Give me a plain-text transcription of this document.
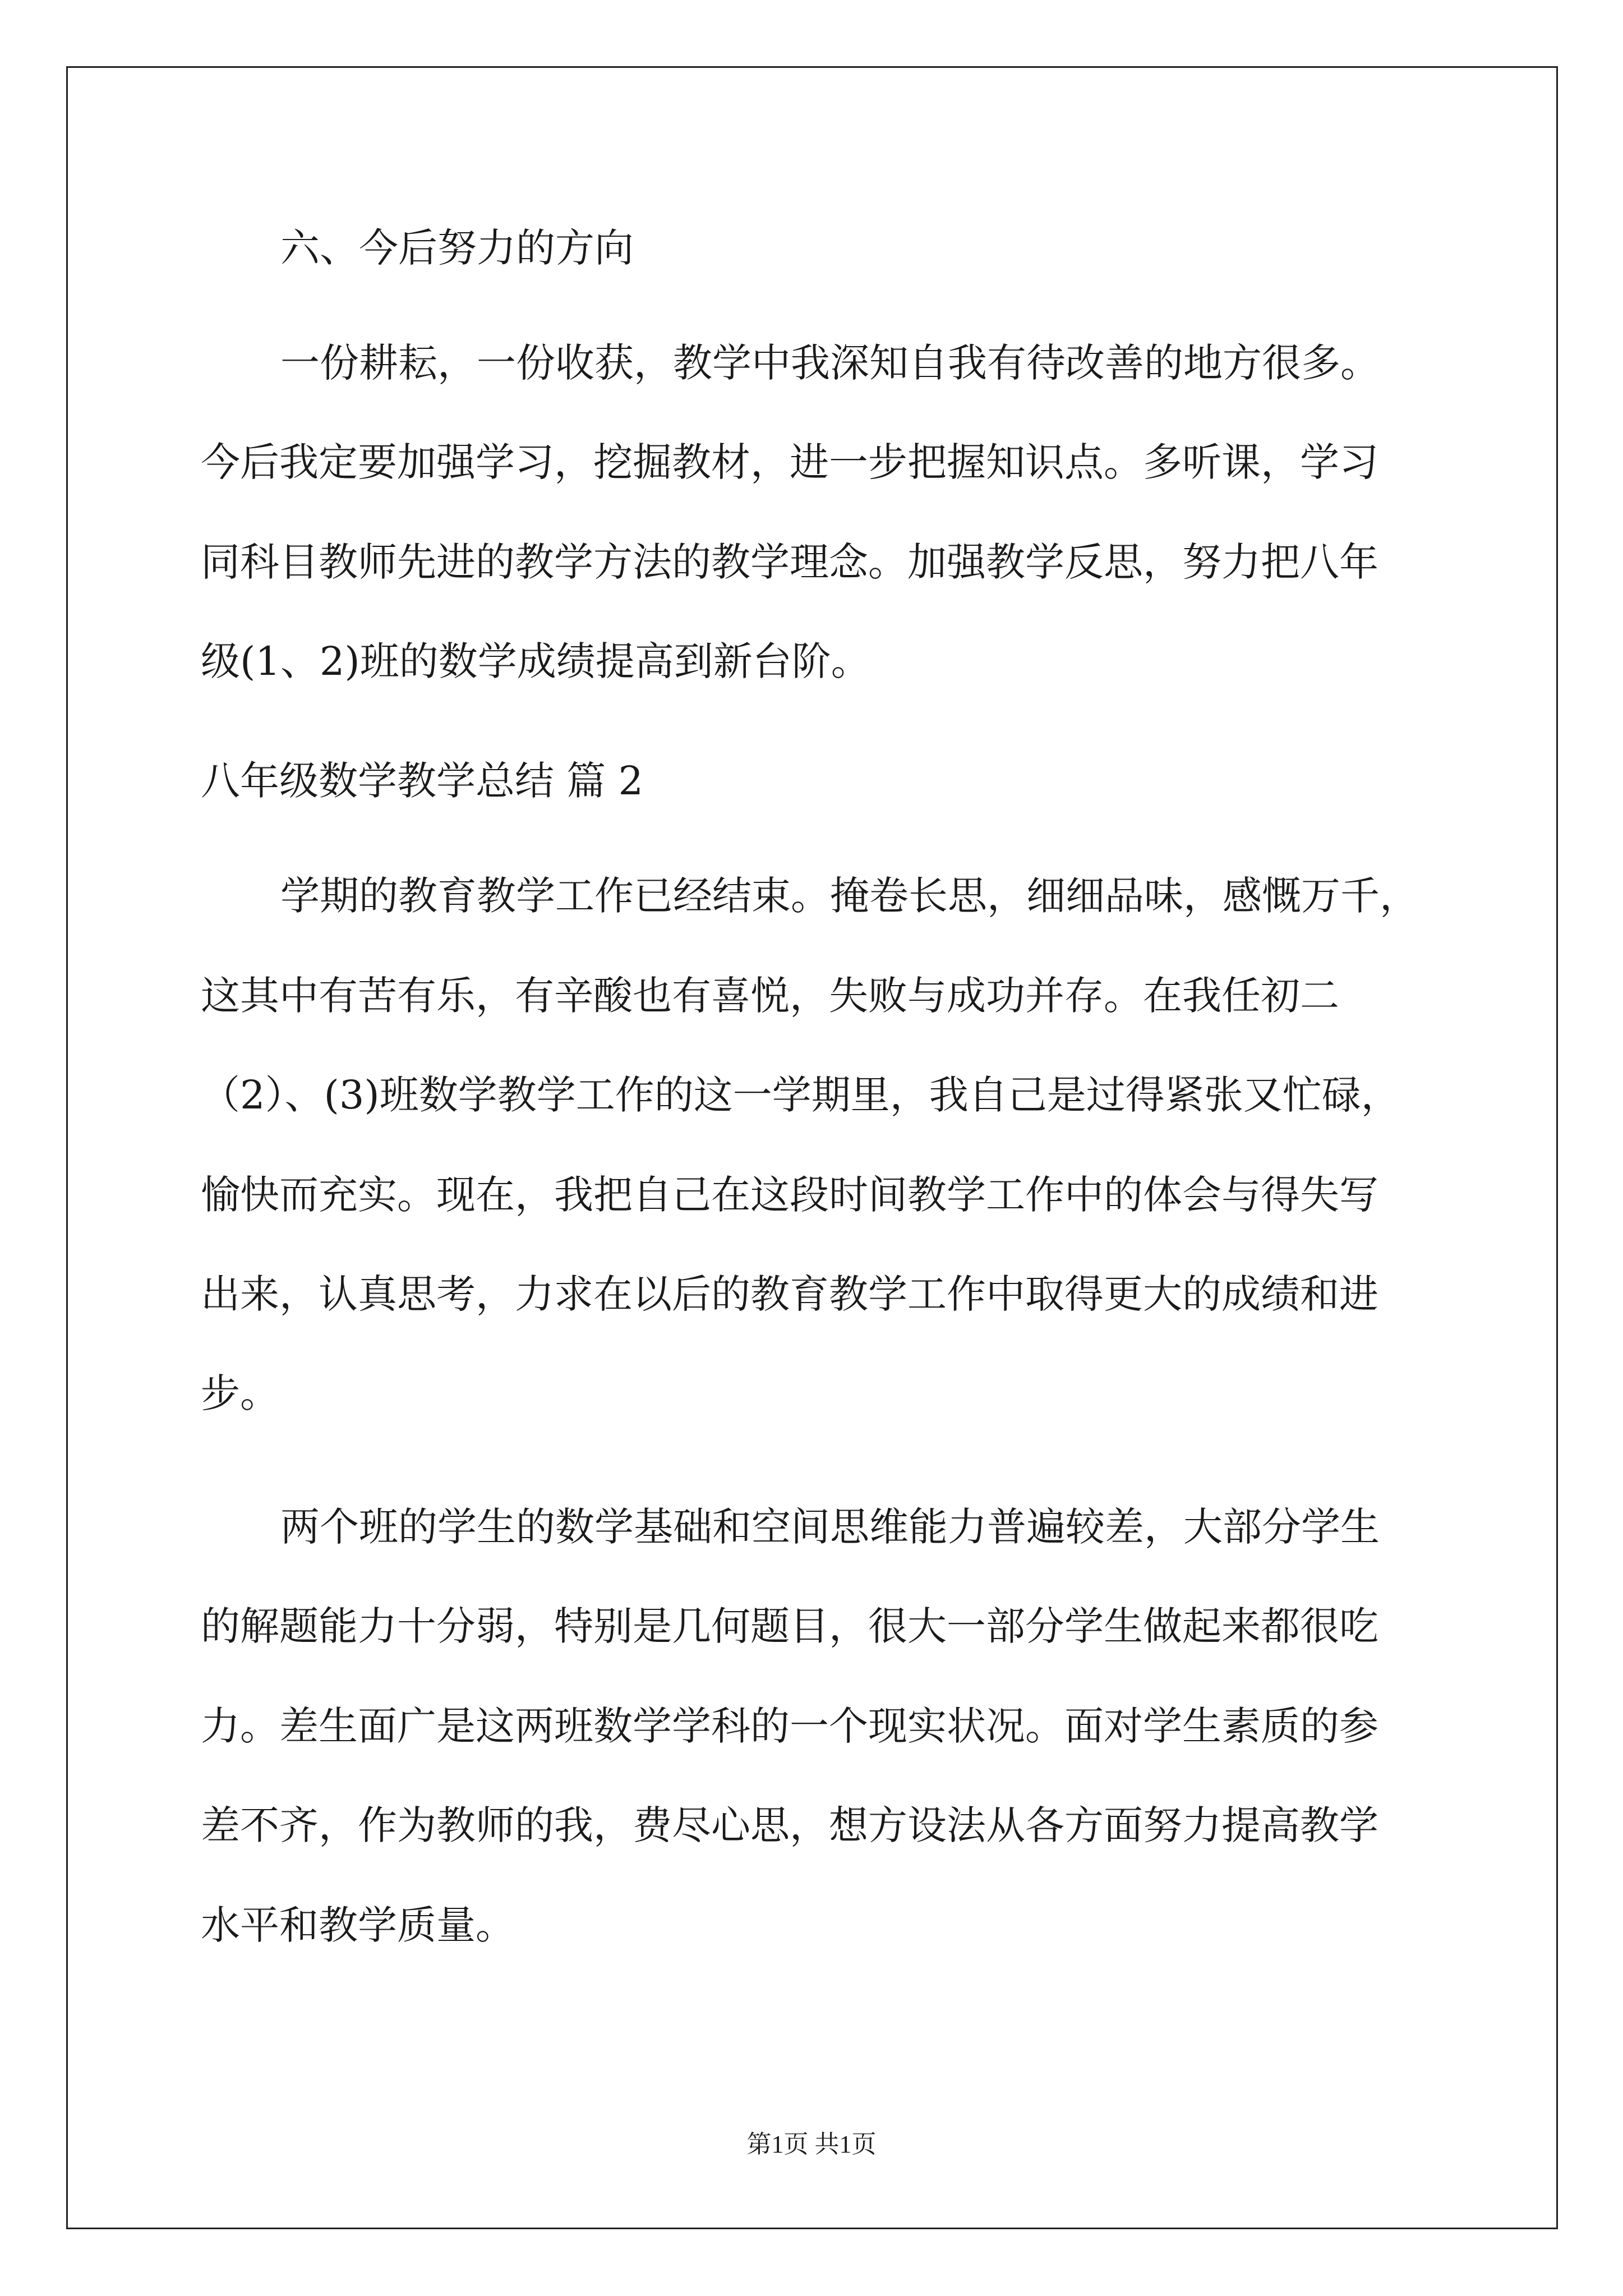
六、今后努力的方向

一份耕耘，一份收获，教学中我深知自我有待改善的地方很多。

今后我定要加强学习，挖掘教材，进一步把握知识点。多听课，学习

同科目教师先进的教学方法的教学理念。加强教学反思，努力把八年

级(1、2)班的数学成绩提高到新台阶。

八年级数学教学总结 篇 2

学期的教育教学工作已经结束。掩卷长思，细细品味，感慨万千，

这其中有苦有乐，有辛酸也有喜悦，失败与成功并存。在我任初二

（2）、(3)班数学教学工作的这一学期里，我自己是过得紧张又忙碌，

愉快而充实。现在，我把自己在这段时间教学工作中的体会与得失写

出来，认真思考，力求在以后的教育教学工作中取得更大的成绩和进

步。

两个班的学生的数学基础和空间思维能力普遍较差，大部分学生

的解题能力十分弱，特别是几何题目，很大一部分学生做起来都很吃

力。差生面广是这两班数学学科的一个现实状况。面对学生素质的参

差不齐，作为教师的我，费尽心思，想方设法从各方面努力提高教学

水平和教学质量。

第1页 共1页
